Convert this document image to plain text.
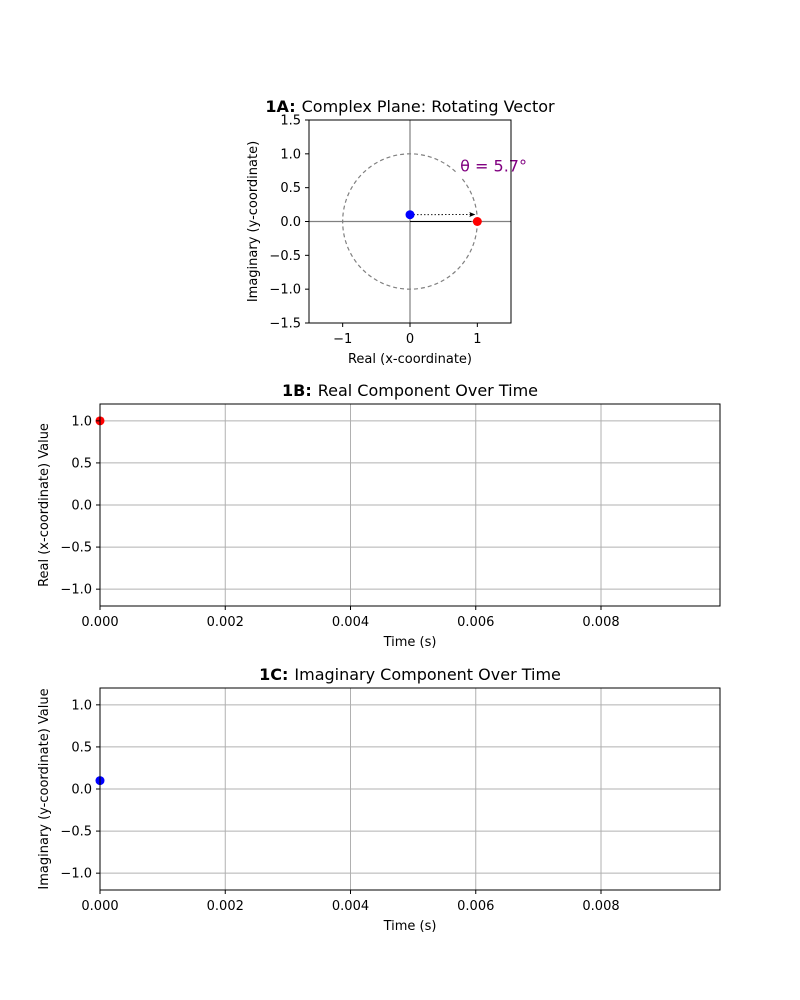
θ = 5.7°
−1	0	1
−1.5
−1.0
−0.5
0.0
0.5
1.0
1.5
1A: Complex Plane: Rotating Vector
Real (x-coordinate)
Imaginary (y-coordinate)
0.000	0.002	0.004	0.006	0.008
−1.0
−0.5
0.0
0.5
1.0
1B: Real Component Over Time
Time (s)
Real (x-coordinate) Value
0.000	0.002	0.004	0.006	0.008
−1.0
−0.5
0.0
0.5
1.0
1C: Imaginary Component Over Time
Time (s)
Imaginary (y-coordinate) Value
